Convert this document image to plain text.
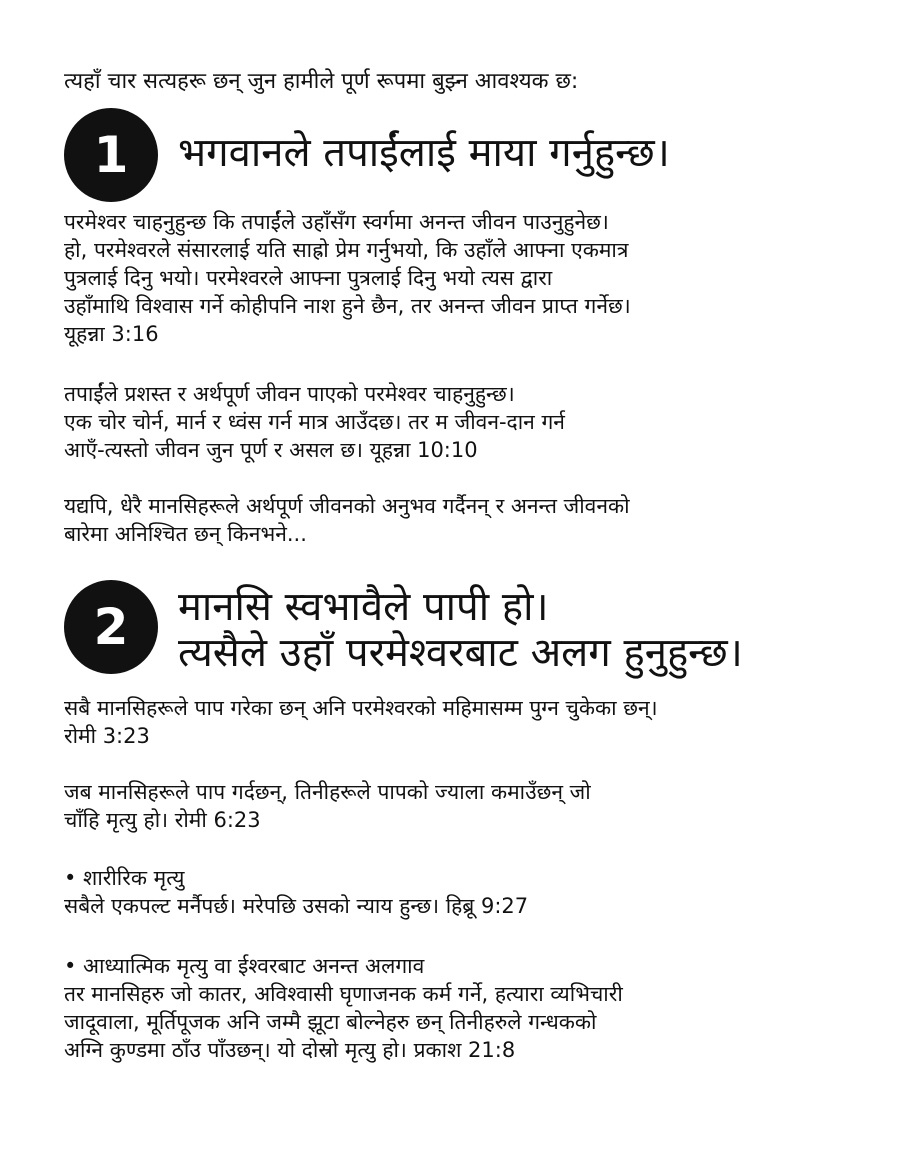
त्यहाँ चार सत्यहरू छन् जुन हामीले पूर्ण रूपमा बुझ्न आवश्यक छ:
1	भगवानले तपाईंलाई माया गर्नुहुन्छ।
परमेश्वर चाहनुहुन्छ कि तपाईंले उहाँसँग स्वर्गमा अनन्त जीवन पाउनुहुनेछ।
हो, परमेश्वरले संसारलाई यति साह्रो प्रेम गर्नुभयो, कि उहाँले आफ्ना एकमात्र
पुत्रलाई दिनु भयो। परमेश्वरले आफ्ना पुत्रलाई दिनु भयो त्यस द्वारा
उहाँमाथि विश्वास गर्ने कोहीपनि नाश हुने छैन, तर अनन्त जीवन प्राप्त गर्नेछ।
यूहन्ना 3:16
तपाईंले प्रशस्त र अर्थपूर्ण जीवन पाएको परमेश्वर चाहनुहुन्छ।
एक चोर चोर्न, मार्न र ध्वंस गर्न मात्र आउँदछ। तर म जीवन-दान गर्न
आएँ-त्यस्तो जीवन जुन पूर्ण र असल छ। यूहन्ना 10:10
यद्यपि, धेरै मानसिहरूले अर्थपूर्ण जीवनको अनुभव गर्दैनन् र अनन्त जीवनको
बारेमा अनिश्चित छन् किनभने...
2	मानसि स्वभावैले पापी हो।
त्यसैले उहाँ परमेश्वरबाट अलग हुनुहुन्छ।
सबै मानसिहरूले पाप गरेका छन् अनि परमेश्वरको महिमासम्म पुग्न चुकेका छन्।
रोमी 3:23
जब मानसिहरूले पाप गर्दछन्, तिनीहरूले पापको ज्याला कमाउँछन् जो
चाँहि मृत्यु हो। रोमी 6:23
• शारीरिक मृत्यु
सबैले एकपल्ट मर्नैपर्छ। मरेपछि उसको न्याय हुन्छ। हिब्रू 9:27
• आध्यात्मिक मृत्यु वा ईश्वरबाट अनन्त अलगाव
तर मानसिहरु जो कातर, अविश्वासी घृणाजनक कर्म गर्ने, हत्यारा व्यभिचारी
जादूवाला, मूर्तिपूजक अनि जम्मै झूटा बोल्नेहरु छन् तिनीहरुले गन्धकको
अग्नि कुण्डमा ठाँउ पाँउछन्। यो दोस्रो मृत्यु हो। प्रकाश 21:8
